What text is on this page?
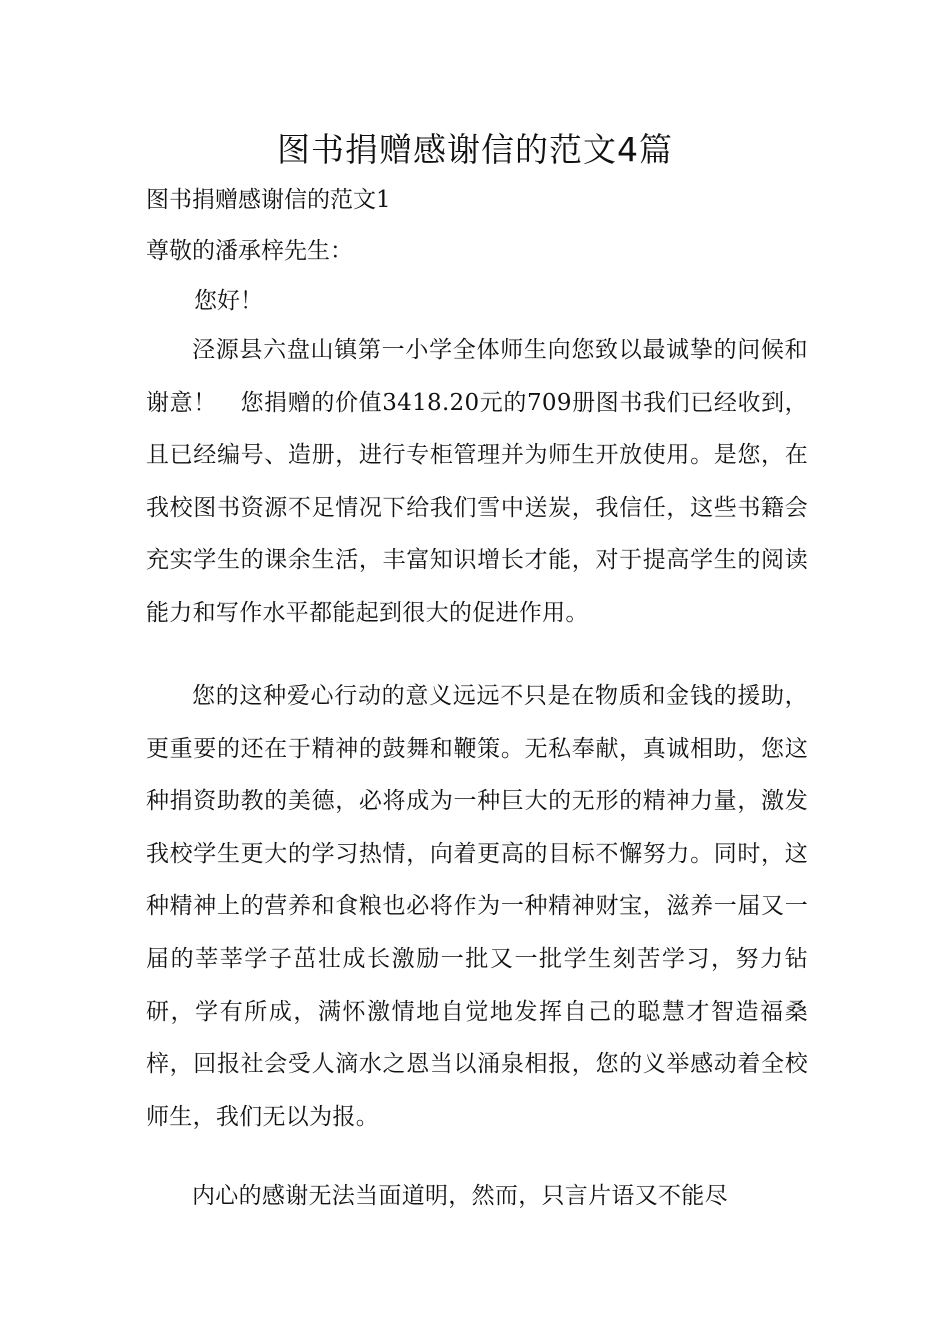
图书捐赠感谢信的范文4篇

图书捐赠感谢信的范文1

尊敬的潘承梓先生：

您好！

泾源县六盘山镇第一小学全体师生向您致以最诚挚的问候和谢意！　您捐赠的价值3418.20元的709册图书我们已经收到，且已经编号、造册，进行专柜管理并为师生开放使用。是您，在我校图书资源不足情况下给我们雪中送炭，我信任，这些书籍会充实学生的课余生活，丰富知识增长才能，对于提高学生的阅读能力和写作水平都能起到很大的促进作用。

您的这种爱心行动的意义远远不只是在物质和金钱的援助，更重要的还在于精神的鼓舞和鞭策。无私奉献，真诚相助，您这种捐资助教的美德，必将成为一种巨大的无形的精神力量，激发我校学生更大的学习热情，向着更高的目标不懈努力。同时，这种精神上的营养和食粮也必将作为一种精神财宝，滋养一届又一届的莘莘学子茁壮成长激励一批又一批学生刻苦学习，努力钻研，学有所成，满怀激情地自觉地发挥自己的聪慧才智造福桑梓，回报社会受人滴水之恩当以涌泉相报，您的义举感动着全校师生，我们无以为报。

内心的感谢无法当面道明，然而，只言片语又不能尽
